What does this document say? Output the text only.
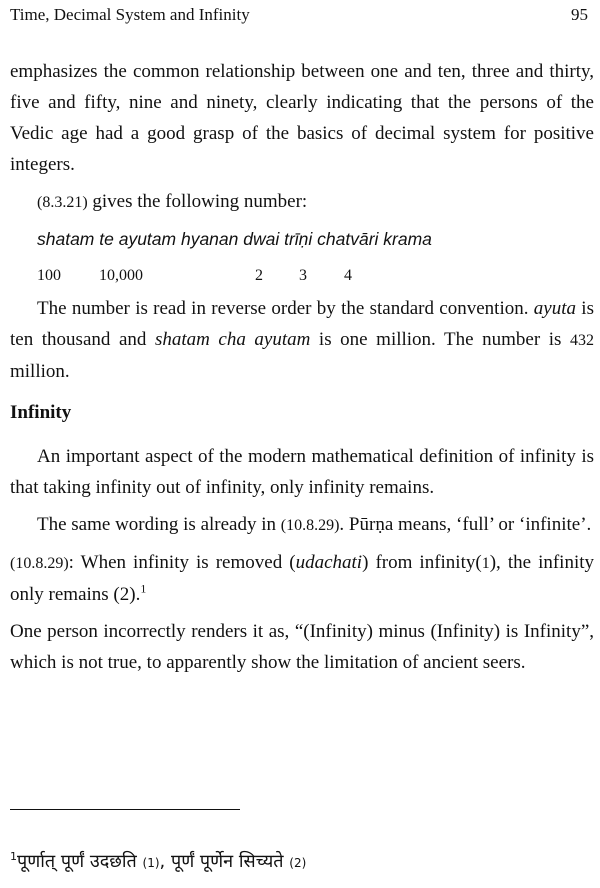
Time, Decimal System and Infinity	95

emphasizes the common relationship between one and ten, three and thirty, five and fifty, nine and ninety, clearly indicating that the persons of the Vedic age had a good grasp of the basics of decimal system for positive integers.

(8.3.21) gives the following number:

shatam te ayutam hyanan dwai trīṇi chatvāri krama

100 10,000	2 3 4

The number is read in reverse order by the standard convention. ayuta is ten thousand and shatam cha ayutam is one million. The number is 432 million.

Infinity

An important aspect of the modern mathematical definition of infinity is that taking infinity out of infinity, only infinity remains.

The same wording is already in (10.8.29). Pūrṇa means, ‘full’ or ‘infinite’.

(10.8.29): When infinity is removed (udachati) from infinity(1), the infinity only remains (2).$^1$

One person incorrectly renders it as, “(Infinity) minus (Infinity) is Infinity”, which is not true, to apparently show the limitation of ancient seers.

$^1$पूर्णात् पूर्णं उदछति (1), पूर्णं पूर्णेन सिच्यते (2)
